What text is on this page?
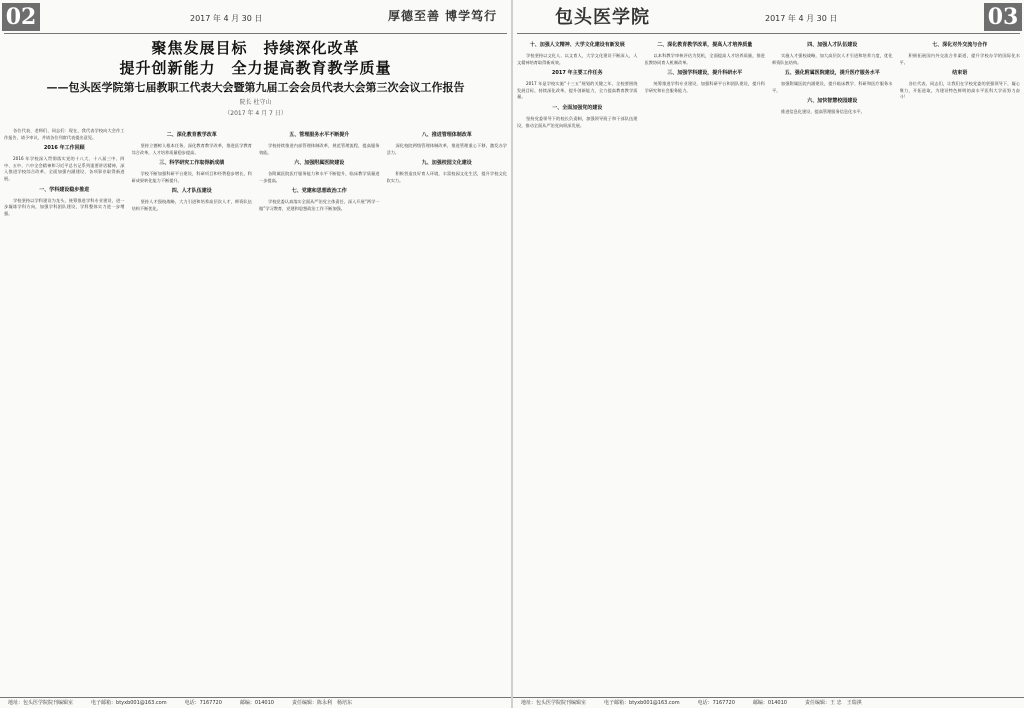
02	2017 年 4 月 30 日	厚德至善 博学笃行
聚焦发展目标　持续深化改革
提升创新能力　全力提高教育教学质量
——包头医学院第七届教职工代表大会暨第九届工会会员代表大会第三次会议工作报告
院长 杜守山
（2017 年 4 月 7 日）

各位代表、老师们、同志们：现在，我代表学校向大会作工作报告，请予审议，并请各位列席代表提出意见。

2016 年工作回顾

2016 年学校深入贯彻落实党的十八大、十八届三中、四中、五中、六中全会精神和习近平总书记系列重要讲话精神，深入推进学校综合改革，全面加强内涵建设，各项事业取得新进展。

一、学科建设稳步推进

学校坚持以学科建设为龙头，统筹推进学科专业建设，进一步凝练学科方向，加强学科团队建设，学科整体实力进一步增强。

二、深化教育教学改革

坚持立德树人根本任务，深化教育教学改革，推进医学教育综合改革，人才培养质量稳步提高。

三、科学研究工作取得新成绩

学校不断加强科研平台建设，科研项目和经费稳步增长，科研成果转化能力不断提升。

四、人才队伍建设

坚持人才强校战略，大力引进和培养高层次人才，师资队伍结构不断优化。

五、管理服务水平不断提升

学校持续推进内部管理体制改革，规范管理流程，提高服务效能。

六、加强附属医院建设

各附属医院医疗服务能力和水平不断提升，临床教学质量进一步提高。

七、党建和思想政治工作

学校党委认真落实全面从严治党主体责任，深入开展“两学一做”学习教育，党建和思想政治工作不断加强。

八、推进管理体制改革

深化校院两级管理体制改革，推进管理重心下移，激发办学活力。

九、加强校园文化建设

积极营造良好育人环境，丰富校园文化生活，提升学校文化软实力。

地址：包头医学院院刊编辑室	电子邮箱：btyxb001@163.com	电话：7167720	邮编：014010	责任编辑：陈永利　杨培东
包头医学院	2017 年 4 月 30 日	03
十、加强人文精神、大学文化建设有新发展

学校坚持以文化人、以文育人，大学文化建设不断深入，人文精神培育取得新成效。

2017 年主要工作任务

2017 年是学校实施“十三五”规划的关键之年，全校要围绕发展目标，持续深化改革，提升创新能力，全力提高教育教学质量。

一、全面加强党的建设

坚持党委领导下的校长负责制，加强领导班子和干部队伍建设，推动全面从严治党向纵深发展。

二、深化教育教学改革，提高人才培养质量

以本科教学审核评估为契机，全面提高人才培养质量，推进医教协同育人机制改革。

三、加强学科建设，提升科研水平

统筹推进学科专业建设，加强科研平台和团队建设，提升科学研究和社会服务能力。

四、加强人才队伍建设

实施人才强校战略，加大高层次人才引进和培养力度，优化师资队伍结构。

五、强化附属医院建设，提升医疗服务水平

加强附属医院内涵建设，提升临床教学、科研和医疗服务水平。

六、加快智慧校园建设

推进信息化建设，提高管理服务信息化水平。

七、深化对外交流与合作

积极拓展国内外交流合作渠道，提升学校办学的国际化水平。

结束语

各位代表、同志们，让我们在学校党委的坚强领导下，凝心聚力，开拓进取，为建设特色鲜明的高水平医科大学而努力奋斗！

地址：包头医学院院刊编辑室	电子邮箱：btyxb001@163.com	电话：7167720	邮编：014010	责任编辑：王 忠　王瑞祺
